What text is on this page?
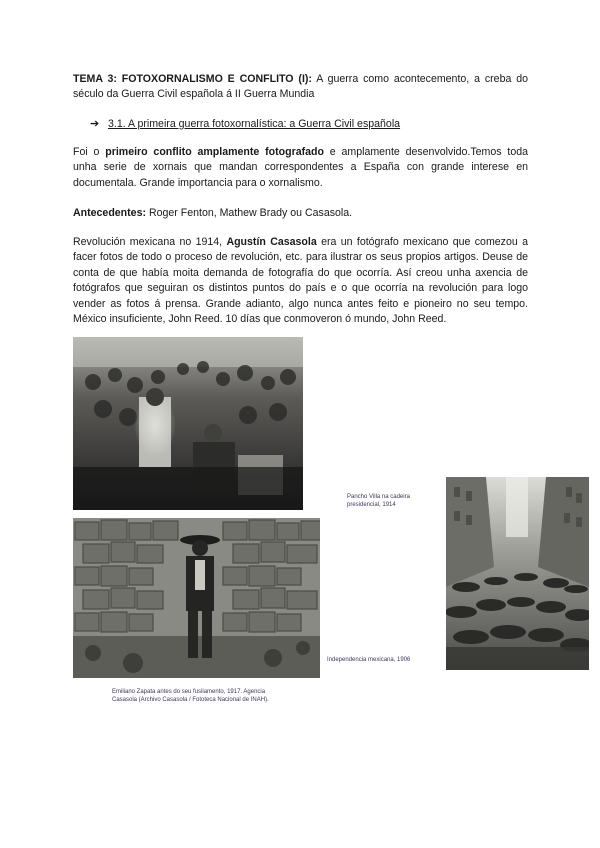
TEMA 3: FOTOXORNALISMO E CONFLITO (I): A guerra como acontecemento, a creba do século da Guerra Civil española á II Guerra Mundia

➔ 3.1. A primeira guerra fotoxornalística: a Guerra Civil española

Foi o primeiro conflito amplamente fotografado e amplamente desenvolvido.Temos toda unha serie de xornais que mandan correspondentes a España con grande interese en documentala. Grande importancia para o xornalismo.

Antecedentes: Roger Fenton, Mathew Brady ou Casasola.

Revolución mexicana no 1914, Agustín Casasola era un fotógrafo mexicano que comezou a facer fotos de todo o proceso de revolución, etc. para ilustrar os seus propios artigos. Deuse de conta de que había moita demanda de fotografía do que ocorría. Así creou unha axencia de fotógrafos que seguiran os distintos puntos do país e o que ocorría na revolución para logo vender as fotos á prensa. Grande adianto, algo nunca antes feito e pioneiro no seu tempo. México insuficiente, John Reed. 10 días que conmoveron ó mundo, John Reed.

Pancho Villa na cadeira presidencial, 1914

Independencia mexicana, 1906

Emiliano Zapata antes do seu fusilamento, 1917. Agencia Casasola (Archivo Casasola / Fototeca Nacional de INAH).
